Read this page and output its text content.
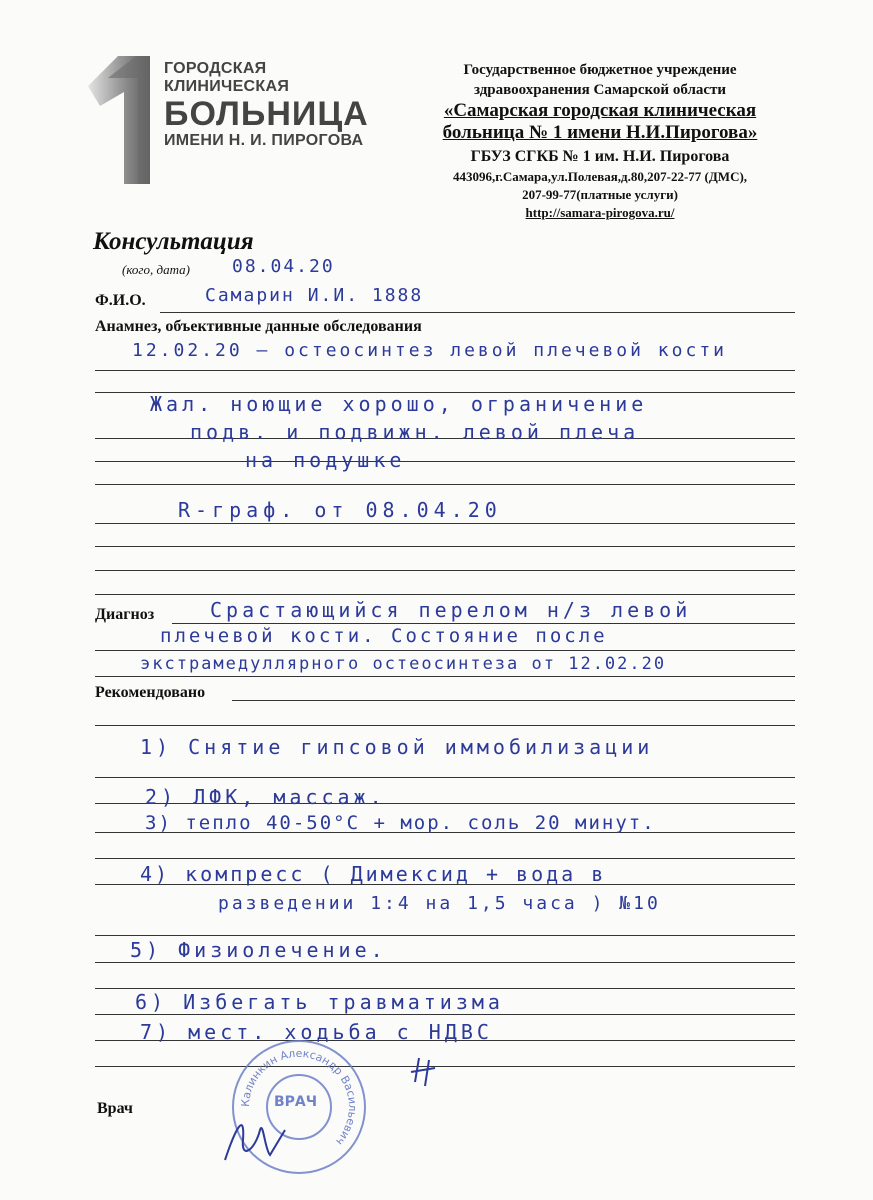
ГОРОДСКАЯ КЛИНИЧЕСКАЯ
БОЛЬНИЦА
ИМЕНИ Н. И. ПИРОГОВА
Государственное бюджетное учреждение
здравоохранения Самарской области
«Самарская городская клиническая
больница № 1 имени Н.И.Пирогова»
ГБУЗ СГКБ № 1 им. Н.И. Пирогова
443096,г.Самара,ул.Полевая,д.80,207-22-77 (ДМС),
207-99-77(платные услуги)
http://samara-pirogova.ru/
Консультация
(кого, дата) 08.04.20
Ф.И.О.	Самарин И.И. 1888
Анамнез, объективные данные обследования
12.02.20 – остеосинтез левой плечевой кости
Жал. ноющие хорошо, ограничение
подв. и подвижн. левой плеча
на подушке
R-граф. от 08.04.20
Диагноз	Срастающийся перелом н/з левой
плечевой кости. Состояние после
экстрамедуллярного остеосинтеза от 12.02.20
Рекомендовано
1) Снятие гипсовой иммобилизации
2) ЛФК, массаж.
3) тепло 40-50°С + мор. соль 20 минут.
4) компресс ( Димексид + вода в
разведении 1:4 на 1,5 часа ) №10
5) Физиолечение.
6) Избегать травматизма
7) мест. ходьба с НДВС
Врач	Калинкин Александр Васильевич
ВРАЧ
